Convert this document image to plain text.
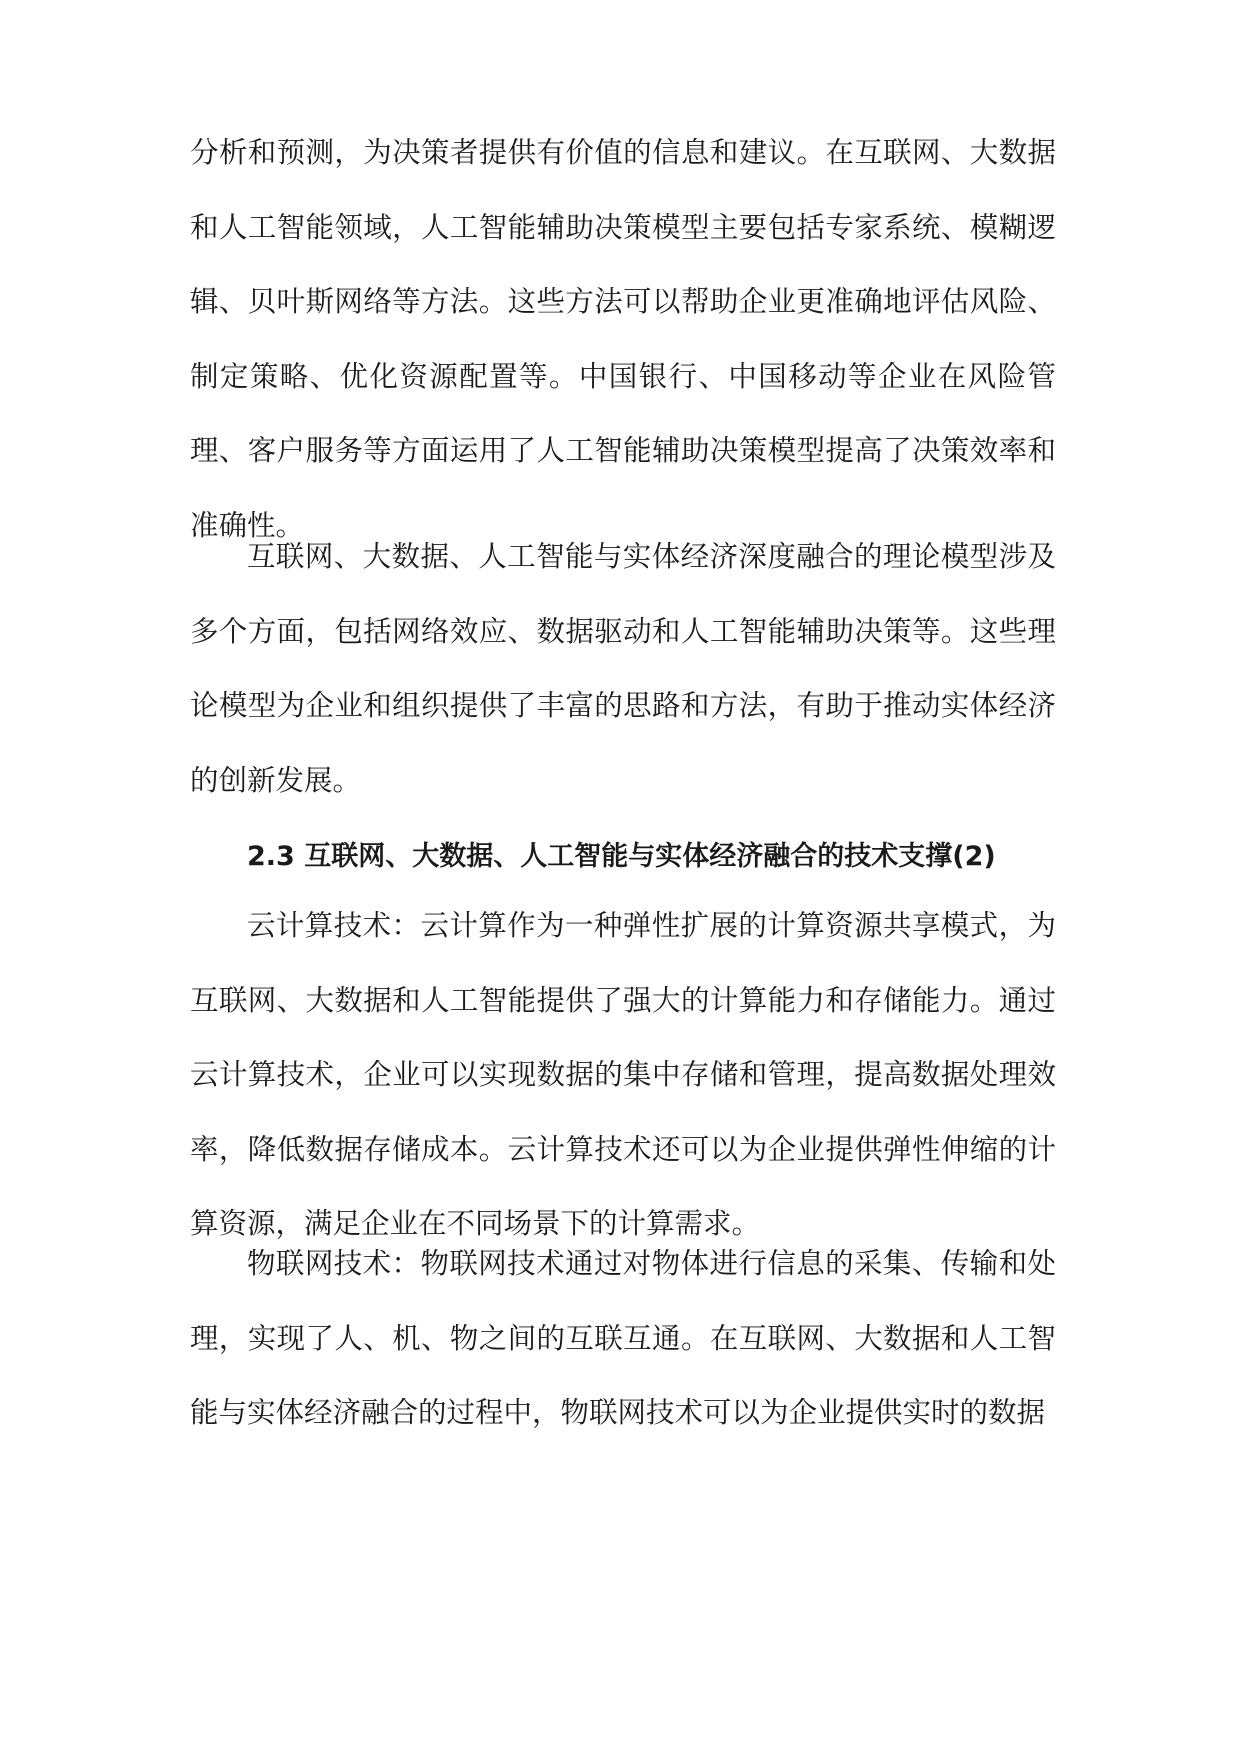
分析和预测，为决策者提供有价值的信息和建议。在互联网、大数据和人工智能领域，人工智能辅助决策模型主要包括专家系统、模糊逻辑、贝叶斯网络等方法。这些方法可以帮助企业更准确地评估风险、制定策略、优化资源配置等。中国银行、中国移动等企业在风险管理、客户服务等方面运用了人工智能辅助决策模型提高了决策效率和准确性。

互联网、大数据、人工智能与实体经济深度融合的理论模型涉及多个方面，包括网络效应、数据驱动和人工智能辅助决策等。这些理论模型为企业和组织提供了丰富的思路和方法，有助于推动实体经济的创新发展。

2.3 互联网、大数据、人工智能与实体经济融合的技术支撑(2)

云计算技术：云计算作为一种弹性扩展的计算资源共享模式，为互联网、大数据和人工智能提供了强大的计算能力和存储能力。通过云计算技术，企业可以实现数据的集中存储和管理，提高数据处理效率，降低数据存储成本。云计算技术还可以为企业提供弹性伸缩的计算资源，满足企业在不同场景下的计算需求。

物联网技术：物联网技术通过对物体进行信息的采集、传输和处理，实现了人、机、物之间的互联互通。在互联网、大数据和人工智能与实体经济融合的过程中，物联网技术可以为企业提供实时的数据
